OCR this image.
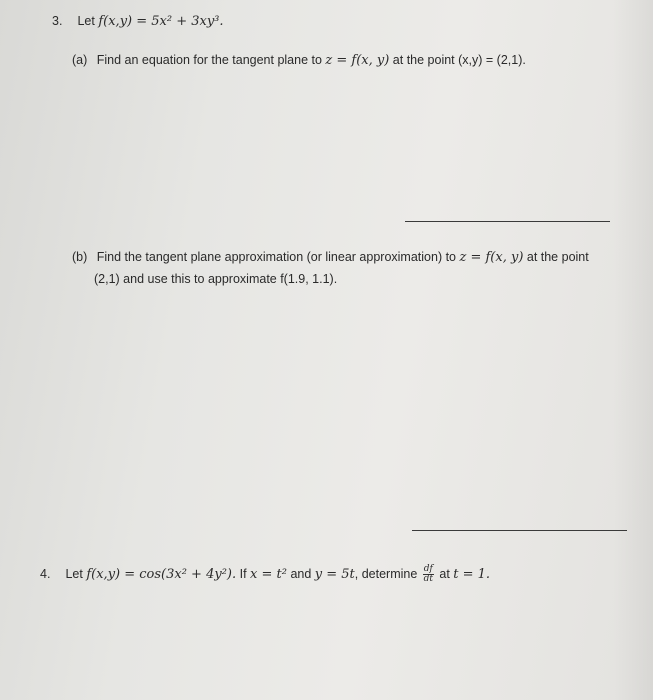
3. Let f(x,y) = 5x² + 3xy³.
(a) Find an equation for the tangent plane to z = f(x, y) at the point (x,y) = (2,1).
(b) Find the tangent plane approximation (or linear approximation) to z = f(x, y) at the point
(2,1) and use this to approximate f(1.9, 1.1).
4. Let f(x,y) = cos(3x² + 4y²). If x = t² and y = 5t, determine $\frac{df}{dt}$ at t = 1.
